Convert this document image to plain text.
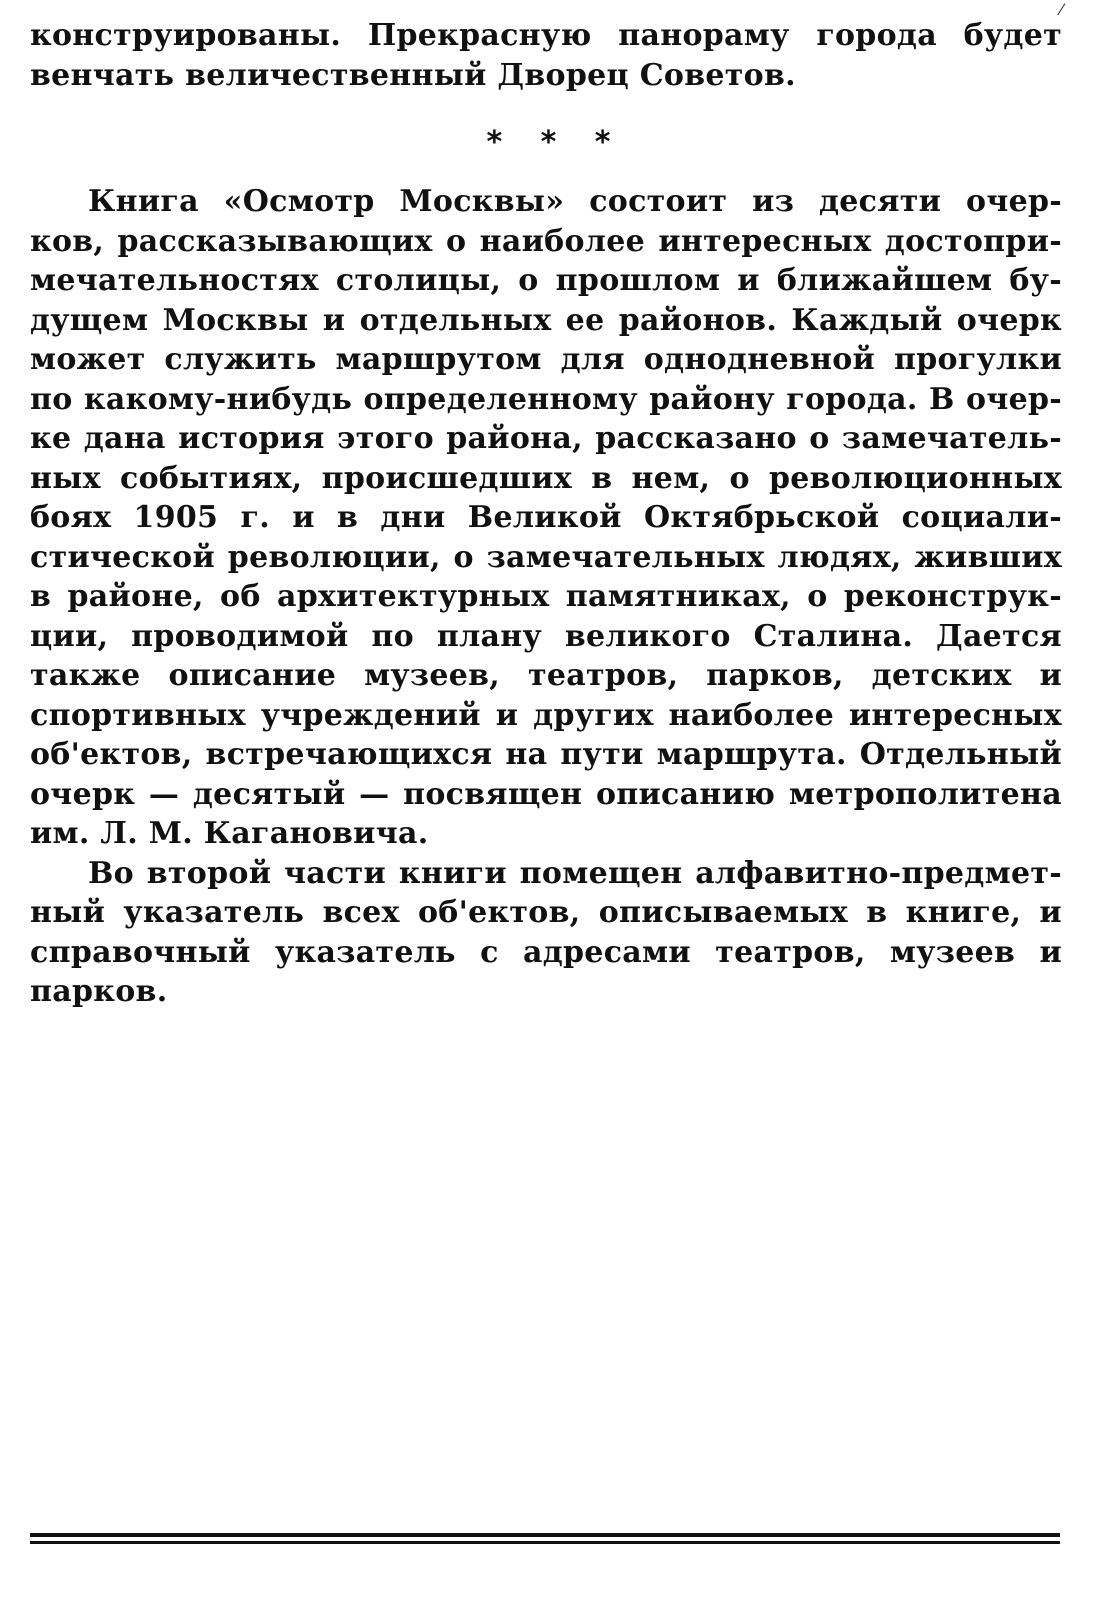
⁄
конструированы. Прекрасную панораму города будет
венчать величественный Дворец Советов.
* * *
Книга «Осмотр Москвы» состоит из десяти очер-
ков, рассказывающих о наиболее интересных достопри-
мечательностях столицы, о прошлом и ближайшем бу-
дущем Москвы и отдельных ее районов. Каждый очерк
может служить маршрутом для однодневной прогулки
по какому-нибудь определенному району города. В очер-
ке дана история этого района, рассказано о замечатель-
ных событиях, происшедших в нем, о революционных
боях 1905 г. и в дни Великой Октябрьской социали-
стической революции, о замечательных людях, живших
в районе, об архитектурных памятниках, о реконструк-
ции, проводимой по плану великого Сталина. Дается
также описание музеев, театров, парков, детских и
спортивных учреждений и других наиболее интересных
об'ектов, встречающихся на пути маршрута. Отдельный
очерк — десятый — посвящен описанию метрополитена
им. Л. М. Кагановича.
Во второй части книги помещен алфавитно-предмет-
ный указатель всех об'ектов, описываемых в книге, и
справочный указатель с адресами театров, музеев и
парков.
